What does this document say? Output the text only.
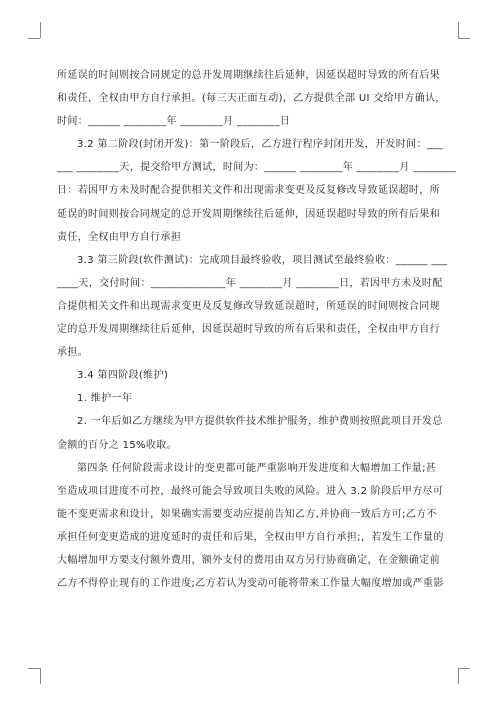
所延误的时间则按合同规定的总开发周期继续往后延伸，因延误超时导致的所有后果
和责任，全权由甲方自行承担。(每三天正面互动)，乙方提供全部 UI 交给甲方确认，
时间：______ ________年 ________月 ________日
3.2 第二阶段(封闭开发)：第一阶段后，乙方进行程序封闭开发，开发时间：___
___ ________天，提交给甲方测试，时间为：______ ________年 ________月 ________
日：若因甲方未及时配合提供相关文件和出现需求变更及反复修改导致延误超时，所
延误的时间则按合同规定的总开发周期继续往后延伸，因延误超时导致的所有后果和
责任，全权由甲方自行承担
3.3 第三阶段(软件测试)：完成项目最终验收，项目测试至最终验收：______ ___
____天，交付时间：______________年 ________月 ________日，若因甲方未及时配
合提供相关文件和出现需求变更及反复修改导致延误超时，所延误的时间则按合同规
定的总开发周期继续往后延伸，因延误超时导致的所有后果和责任，全权由甲方自行
承担。
3.4 第四阶段(维护)
1. 维护一年
2. 一年后如乙方继续为甲方提供软件技术维护服务，维护费则按照此项目开发总
金额的百分之 15%收取。
第四条 任何阶段需求设计的变更都可能严重影响开发进度和大幅增加工作量;甚
至造成项目进度不可控，最终可能会导致项目失败的风险。进入 3.2 阶段后甲方尽可
能不变更需求和设计，如果确实需要变动应提前告知乙方,并协商一致后方可;乙方不
承担任何变更造成的进度延时的责任和后果，全权由甲方自行承担;，若发生工作量的
大幅增加甲方要支付额外费用，额外支付的费用由双方另行协商确定，在金额确定前
乙方不得停止现有的工作进度;乙方若认为变动可能将带来工作量大幅度增加或严重影
